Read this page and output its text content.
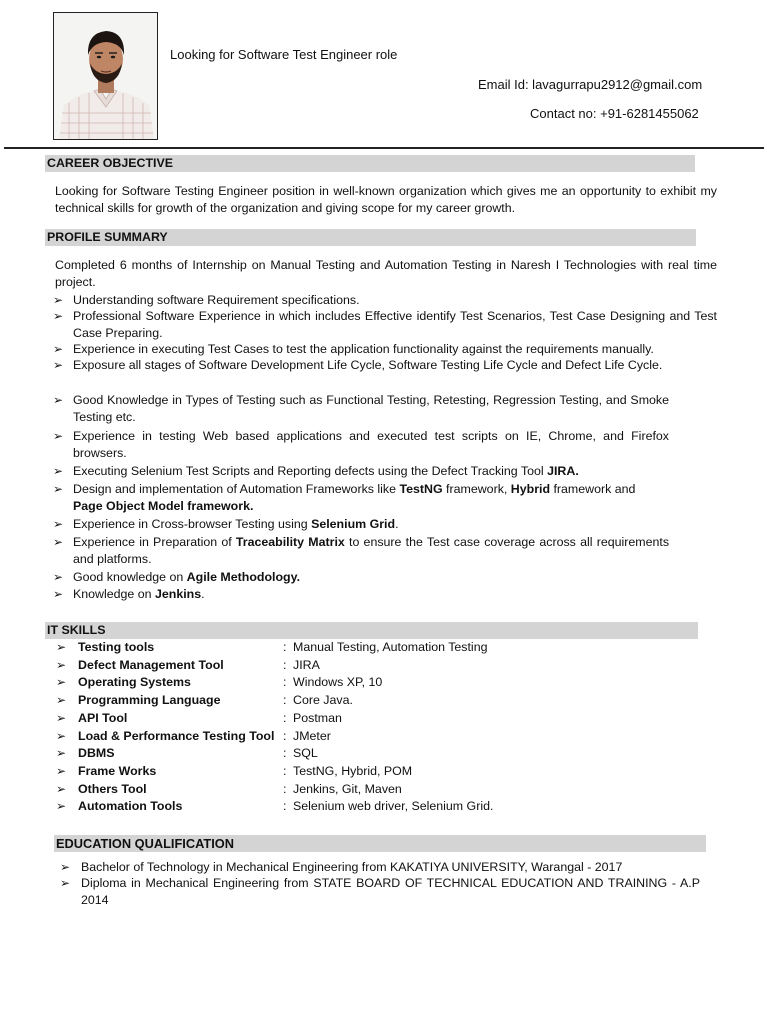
Looking for Software Test Engineer role
Email Id: lavagurrapu2912@gmail.com
Contact no: +91-6281455062
CAREER OBJECTIVE
Looking for Software Testing Engineer position in well-known organization which gives me an opportunity to exhibit my technical skills for growth of the organization and giving scope for my career growth.
PROFILE SUMMARY
Completed 6 months of Internship on Manual Testing and Automation Testing in Naresh I Technologies with real time project.
➢ Understanding software Requirement specifications.
➢ Professional Software Experience in which includes Effective identify Test Scenarios, Test Case Designing and Test Case Preparing.
➢ Experience in executing Test Cases to test the application functionality against the requirements manually.
➢ Exposure all stages of Software Development Life Cycle, Software Testing Life Cycle and Defect Life Cycle.
➢ Good Knowledge in Types of Testing such as Functional Testing, Retesting, Regression Testing, and Smoke Testing etc.
➢ Experience in testing Web based applications and executed test scripts on IE, Chrome, and Firefox browsers.
➢ Executing Selenium Test Scripts and Reporting defects using the Defect Tracking Tool JIRA.
➢ Design and implementation of Automation Frameworks like TestNG framework, Hybrid framework and
Page Object Model framework.
➢ Experience in Cross-browser Testing using Selenium Grid.
➢ Experience in Preparation of Traceability Matrix to ensure the Test case coverage across all requirements and platforms.
➢ Good knowledge on Agile Methodology.
➢ Knowledge on Jenkins.
IT SKILLS
➢ Testing tools	: Manual Testing, Automation Testing
➢ Defect Management Tool	: JIRA
➢ Operating Systems	: Windows XP, 10
➢ Programming Language	: Core Java.
➢ API Tool	: Postman
➢ Load & Performance Testing Tool : JMeter
➢ DBMS	: SQL
➢ Frame Works	: TestNG, Hybrid, POM
➢ Others Tool	: Jenkins, Git, Maven
➢ Automation Tools	: Selenium web driver, Selenium Grid.
EDUCATION QUALIFICATION
➢ Bachelor of Technology in Mechanical Engineering from KAKATIYA UNIVERSITY, Warangal - 2017
➢ Diploma in Mechanical Engineering from STATE BOARD OF TECHNICAL EDUCATION AND TRAINING - A.P 2014
